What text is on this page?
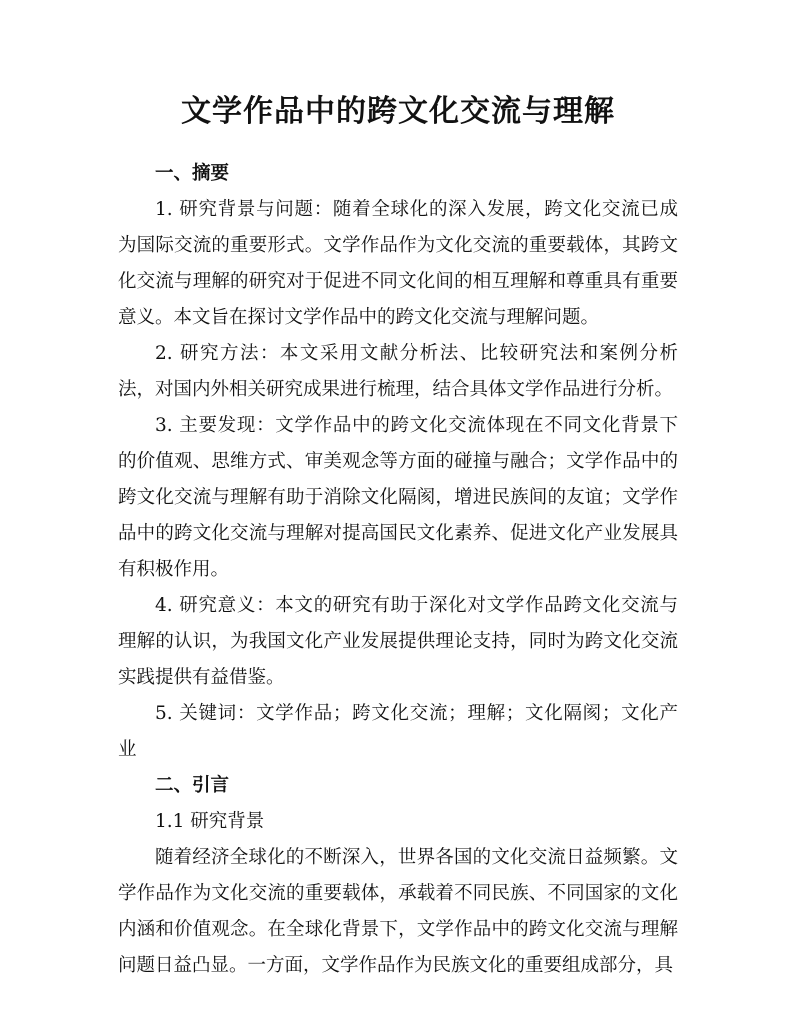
文学作品中的跨文化交流与理解
一、摘要

1. 研究背景与问题：随着全球化的深入发展，跨文化交流已成为国际交流的重要形式。文学作品作为文化交流的重要载体，其跨文化交流与理解的研究对于促进不同文化间的相互理解和尊重具有重要意义。本文旨在探讨文学作品中的跨文化交流与理解问题。

2. 研究方法：本文采用文献分析法、比较研究法和案例分析法，对国内外相关研究成果进行梳理，结合具体文学作品进行分析。

3. 主要发现：文学作品中的跨文化交流体现在不同文化背景下的价值观、思维方式、审美观念等方面的碰撞与融合；文学作品中的跨文化交流与理解有助于消除文化隔阂，增进民族间的友谊；文学作品中的跨文化交流与理解对提高国民文化素养、促进文化产业发展具有积极作用。

4. 研究意义：本文的研究有助于深化对文学作品跨文化交流与理解的认识，为我国文化产业发展提供理论支持，同时为跨文化交流实践提供有益借鉴。

5. 关键词：文学作品；跨文化交流；理解；文化隔阂；文化产业

二、引言

1.1 研究背景

随着经济全球化的不断深入，世界各国的文化交流日益频繁。文学作品作为文化交流的重要载体，承载着不同民族、不同国家的文化内涵和价值观念。在全球化背景下，文学作品中的跨文化交流与理解问题日益凸显。一方面，文学作品作为民族文化的重要组成部分，具
